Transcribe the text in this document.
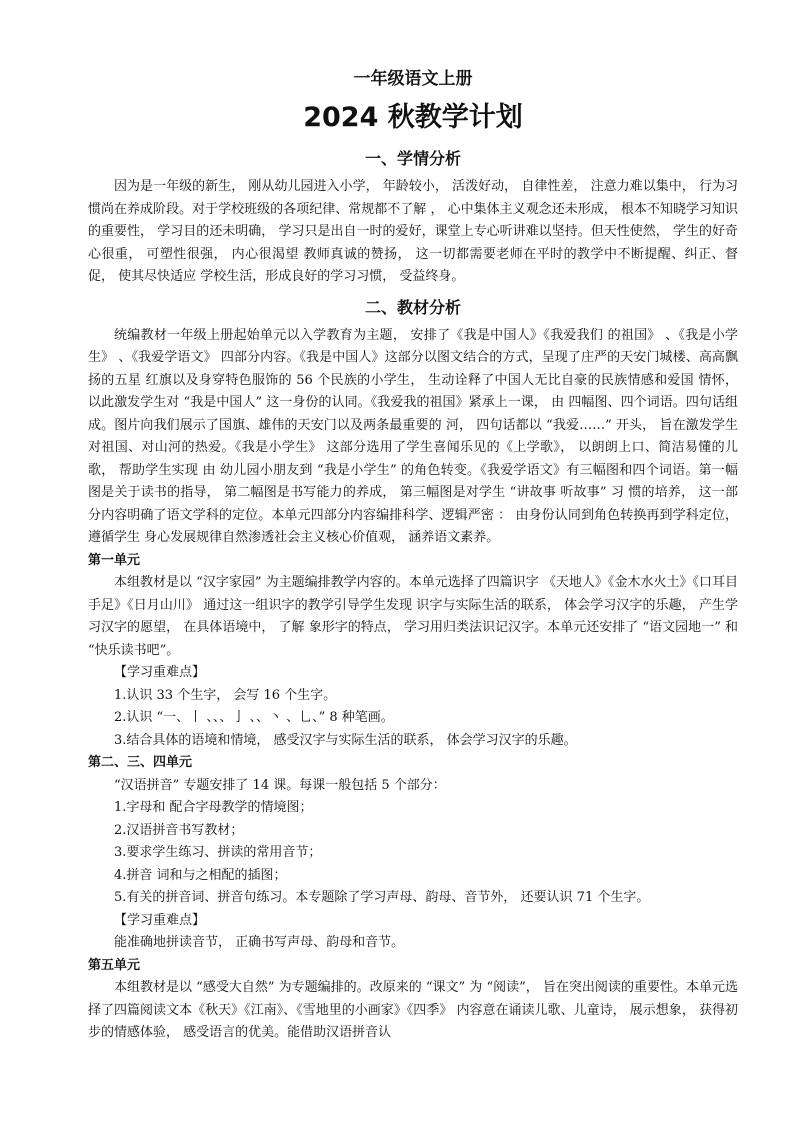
一年级语文上册
2024 秋教学计划
一、学情分析

因为是一年级的新生， 刚从幼儿园进入小学， 年龄较小， 活泼好动， 自律性差， 注意力难以集中， 行为习惯尚在养成阶段。对于学校班级的各项纪律、常规都不了解 ， 心中集体主义观念还未形成， 根本不知晓学习知识的重要性， 学习目的还未明确， 学习只是出自一时的爱好，课堂上专心听讲难以坚持。但天性使然， 学生的好奇心很重， 可塑性很强， 内心很渴望 教师真诚的赞扬， 这一切都需要老师在平时的教学中不断提醒、纠正、督促， 使其尽快适应 学校生活，形成良好的学习习惯， 受益终身。

二、教材分析

统编教材一年级上册起始单元以入学教育为主题， 安排了《我是中国人》《我爱我们 的祖国》 、《我是小学生》 、《我爱学语文》 四部分内容。《我是中国人》这部分以图文结合的方式，呈现了庄严的天安门城楼、高高飘扬的五星 红旗以及身穿特色服饰的 56 个民族的小学生， 生动诠释了中国人无比自豪的民族情感和爱国 情怀， 以此激发学生对 “我是中国人” 这一身份的认同。《我爱我的祖国》紧承上一课， 由 四幅图、四个词语。四句话组成。图片向我们展示了国旗、雄伟的天安门以及两条最重要的 河， 四句话都以 “我爱……” 开头， 旨在激发学生对祖国、对山河的热爱。《我是小学生》 这部分选用了学生喜闻乐见的《上学歌》， 以朗朗上口、简洁易懂的儿歌， 帮助学生实现 由 幼儿园小朋友到 “我是小学生” 的角色转变。《我爱学语文》有三幅图和四个词语。第一幅 图是关于读书的指导， 第二幅图是书写能力的养成， 第三幅图是对学生 “讲故事 听故事” 习 惯的培养， 这一部分内容明确了语文学科的定位。本单元四部分内容编排科学、逻辑严密 ： 由身份认同到角色转换再到学科定位， 遵循学生 身心发展规律自然渗透社会主义核心价值观， 涵养语文素养。

第一单元

本组教材是以 “汉字家园” 为主题编排教学内容的。本单元选择了四篇识字 《天地人》《金木水火土》《口耳目手足》《日月山川》 通过这一组识字的教学引导学生发现 识字与实际生活的联系， 体会学习汉字的乐趣， 产生学习汉字的愿望， 在具体语境中， 了解 象形字的特点， 学习用归类法识记汉字。本单元还安排了 “语文园地一” 和 “快乐读书吧”。

【学习重难点】

1.认识 33 个生字， 会写 16 个生字。

2.认识 “一、丨 、、、亅 、、丶 、乚、” 8 种笔画。

3.结合具体的语境和情境， 感受汉字与实际生活的联系， 体会学习汉字的乐趣。

第二、三、四单元

“汉语拼音” 专题安排了 14 课。每课一般包括 5 个部分：

1.字母和 配合字母教学的情境图；

2.汉语拼音书写教材；

3.要求学生练习、拼读的常用音节；

4.拼音 词和与之相配的插图；

5.有关的拼音词、拼音句练习。本专题除了学习声母、韵母、音节外， 还要认识 71 个生字。

【学习重难点】

能准确地拼读音节， 正确书写声母、韵母和音节。

第五单元

本组教材是以 “感受大自然” 为专题编排的。改原来的 “课文” 为 “阅读”， 旨在突出阅读的重要性。本单元选择了四篇阅读文本《秋天》《江南》、《雪地里的小画家》《四季》 内容意在诵读儿歌、儿童诗， 展示想象， 获得初步的情感体验， 感受语言的优美。能借助汉语拼音认
